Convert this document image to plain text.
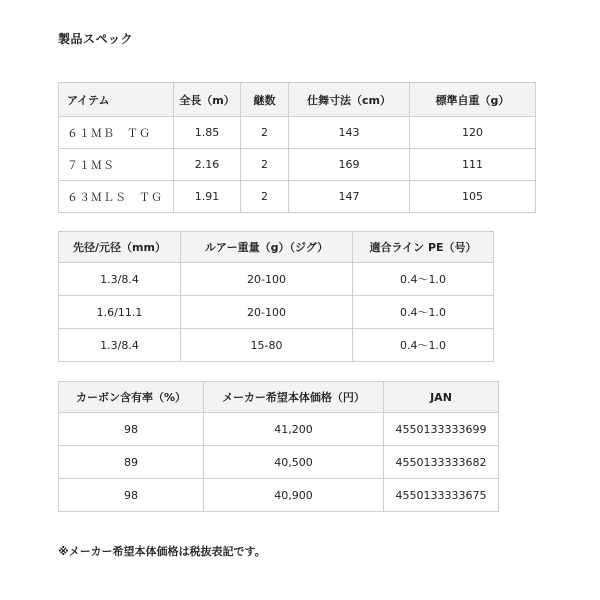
製品スペック
アイテム	全長（m）	継数	仕舞寸法（cm）	標準自重（g）
６１ＭＢ　ＴＧ	1.85	2	143	120
７１ＭＳ	2.16	2	169	111
６３ＭＬＳ　ＴＧ	1.91	2	147	105
先径/元径（mm）	ルアー重量（g）（ジグ）	適合ライン PE（号）
1.3/8.4	20-100	0.4～1.0
1.6/11.1	20-100	0.4～1.0
1.3/8.4	15-80	0.4～1.0
カーボン含有率（%）	メーカー希望本体価格（円）	JAN
98	41,200	4550133333699
89	40,500	4550133333682
98	40,900	4550133333675
※メーカー希望本体価格は税抜表記です。
